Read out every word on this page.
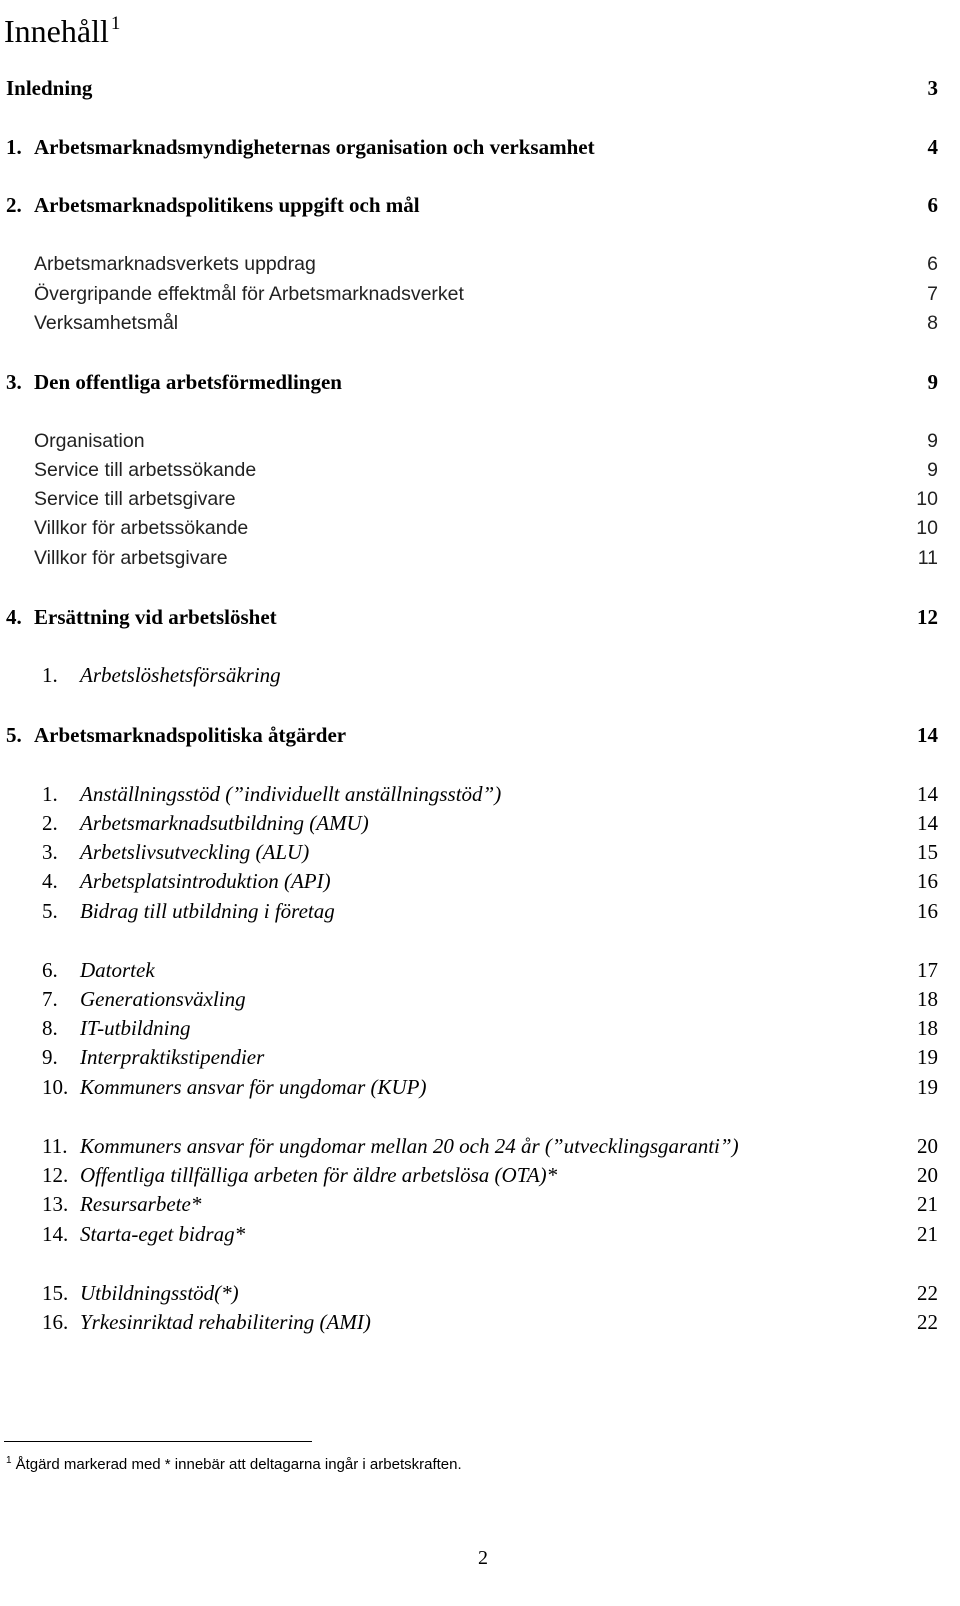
Innehåll $^1$
Inledning	3
1. Arbetsmarknadsmyndigheternas organisation och verksamhet	4
2. Arbetsmarknadspolitikens uppgift och mål	6
Arbetsmarknadsverkets uppdrag	6
Övergripande effektmål för Arbetsmarknadsverket	7
Verksamhetsmål	8
3. Den offentliga arbetsförmedlingen	9
Organisation	9
Service till arbetssökande	9
Service till arbetsgivare	10
Villkor för arbetssökande	10
Villkor för arbetsgivare	11
4. Ersättning vid arbetslöshet	12
1. Arbetslöshetsförsäkring
5. Arbetsmarknadspolitiska åtgärder	14
1. Anställningsstöd (”individuellt anställningsstöd”)	14
2. Arbetsmarknadsutbildning (AMU)	14
3. Arbetslivsutveckling (ALU)	15
4. Arbetsplatsintroduktion (API)	16
5. Bidrag till utbildning i företag	16
6. Datortek	17
7. Generationsväxling	18
8. IT-utbildning	18
9. Interpraktikstipendier	19
10. Kommuners ansvar för ungdomar (KUP)	19
11. Kommuners ansvar för ungdomar mellan 20 och 24 år (”utvecklingsgaranti”)	20
12. Offentliga tillfälliga arbeten för äldre arbetslösa (OTA)*	20
13. Resursarbete*	21
14. Starta-eget bidrag*	21
15. Utbildningsstöd(*)	22
16. Yrkesinriktad rehabilitering (AMI)	22
$^1$ Åtgärd markerad med * innebär att deltagarna ingår i arbetskraften.
2
